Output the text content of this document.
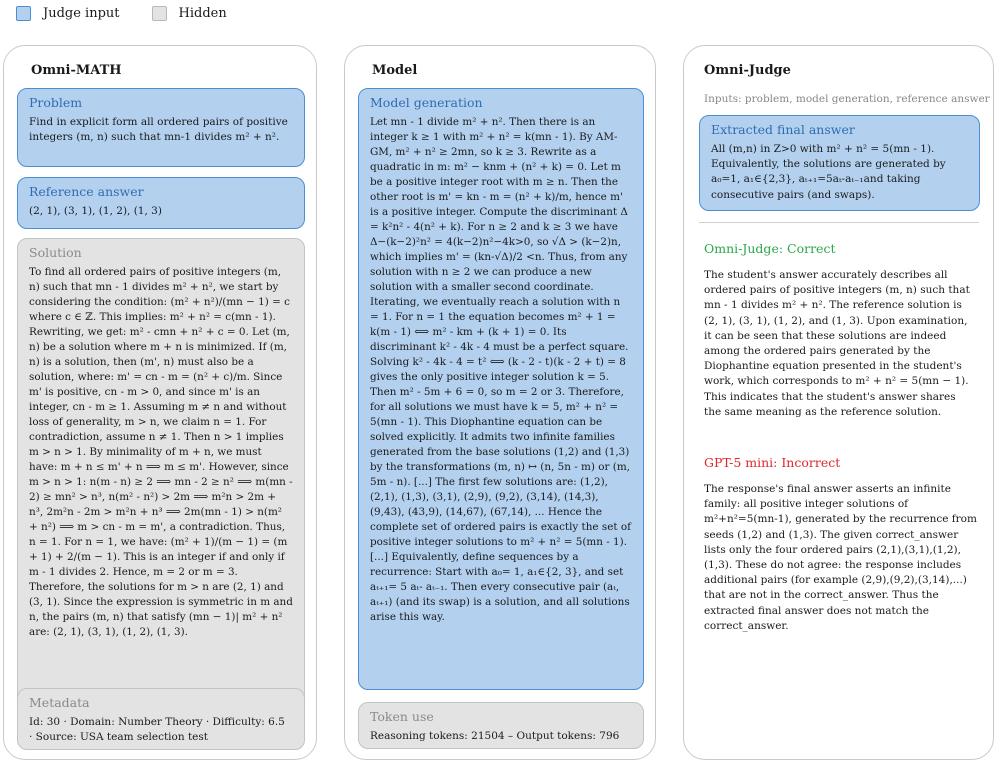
Judge input	Hidden
Omni-MATH
Problem
Find in explicit form all ordered pairs of positive integers (m, n) such that mn-1 divides m² + n².
Reference answer
(2, 1), (3, 1), (1, 2), (1, 3)
Solution
To find all ordered pairs of positive integers (m, n) such that mn - 1 divides m² + n², we start by considering the condition: (m² + n²)/(mn − 1) = c where c ∈ ℤ. This implies: m² + n² = c(mn - 1). Rewriting, we get: m² - cmn + n² + c = 0. Let (m, n) be a solution where m + n is minimized. If (m, n) is a solution, then (m', n) must also be a solution, where: m' = cn - m = (n² + c)/m. Since m' is positive, cn - m > 0, and since m' is an integer, cn - m ≥ 1. Assuming m ≠ n and without loss of generality, m > n, we claim n = 1. For contradiction, assume n ≠ 1. Then n > 1 implies m > n > 1. By minimality of m + n, we must have: m + n ≤ m' + n ⟹ m ≤ m'. However, since m > n > 1: n(m - n) ≥ 2 ⟹ mn - 2 ≥ n² ⟹ m(mn - 2) ≥ mn² > n³, n(m² - n²) > 2m ⟹ m²n > 2m + n³, 2m²n - 2m > m²n + n³ ⟹ 2m(mn - 1) > n(m² + n²) ⟹ m > cn - m = m', a contradiction. Thus, n = 1. For n = 1, we have: (m² + 1)/(m − 1) = (m + 1) + 2/(m − 1). This is an integer if and only if m - 1 divides 2. Hence, m = 2 or m = 3. Therefore, the solutions for m > n are (2, 1) and (3, 1). Since the expression is symmetric in m and n, the pairs (m, n) that satisfy (mn − 1)| m² + n² are: (2, 1), (3, 1), (1, 2), (1, 3).
Metadata
Id: 30 · Domain: Number Theory · Difficulty: 6.5
· Source: USA team selection test
Model
Model generation
Let mn - 1 divide m² + n². Then there is an integer k ≥ 1 with m² + n² = k(mn - 1). By AM-GM, m² + n² ≥ 2mn, so k ≥ 3. Rewrite as a quadratic in m: m² − knm + (n² + k) = 0. Let m be a positive integer root with m ≥ n. Then the other root is m' = kn - m = (n² + k)/m, hence m' is a positive integer. Compute the discriminant Δ = k²n² - 4(n² + k). For n ≥ 2 and k ≥ 3 we have Δ−(k−2)²n² = 4(k−2)n²−4k>0, so √Δ > (k−2)n, which implies m' = (kn-√Δ)/2 <n. Thus, from any solution with n ≥ 2 we can produce a new solution with a smaller second coordinate. Iterating, we eventually reach a solution with n = 1. For n = 1 the equation becomes m² + 1 = k(m - 1) ⟺ m² - km + (k + 1) = 0. Its discriminant k² - 4k - 4 must be a perfect square. Solving k² - 4k - 4 = t² ⟺ (k - 2 - t)(k - 2 + t) = 8 gives the only positive integer solution k = 5. Then m² - 5m + 6 = 0, so m = 2 or 3. Therefore, for all solutions we must have k = 5, m² + n² = 5(mn - 1). This Diophantine equation can be solved explicitly. It admits two infinite families generated from the base solutions (1,2) and (1,3) by the transformations (m, n) ↦ (n, 5n - m) or (m, 5m - n). [...] The first few solutions are: (1,2), (2,1), (1,3), (3,1), (2,9), (9,2), (3,14), (14,3), (9,43), (43,9), (14,67), (67,14), ... Hence the complete set of ordered pairs is exactly the set of positive integer solutions to m² + n² = 5(mn - 1). [...] Equivalently, define sequences by a recurrence: Start with a₀= 1, a₁∈{2, 3}, and set aₜ₊₁= 5 aₜ- aₜ₋₁. Then every consecutive pair (aₜ, aₜ₊₁) (and its swap) is a solution, and all solutions arise this way.
Token use
Reasoning tokens: 21504 – Output tokens: 796
Omni-Judge
Inputs: problem, model generation, reference answer
Extracted final answer
All (m,n) in Z>0 with m² + n² = 5(mn - 1). Equivalently, the solutions are generated by a₀=1, a₁∈{2,3}, aₜ₊₁=5aₜ-aₜ₋₁and taking consecutive pairs (and swaps).
Omni-Judge: Correct
The student's answer accurately describes all ordered pairs of positive integers (m, n) such that mn - 1 divides m² + n². The reference solution is (2, 1), (3, 1), (1, 2), and (1, 3). Upon examination, it can be seen that these solutions are indeed among the ordered pairs generated by the Diophantine equation presented in the student's work, which corresponds to m² + n² = 5(mn − 1). This indicates that the student's answer shares the same meaning as the reference solution.
GPT-5 mini: Incorrect
The response's final answer asserts an infinite family: all positive integer solutions of m²+n²=5(mn-1), generated by the recurrence from seeds (1,2) and (1,3). The given correct_answer lists only the four ordered pairs (2,1),(3,1),(1,2),(1,3). These do not agree: the response includes additional pairs (for example (2,9),(9,2),(3,14),...) that are not in the correct_answer. Thus the extracted final answer does not match the correct_answer.
